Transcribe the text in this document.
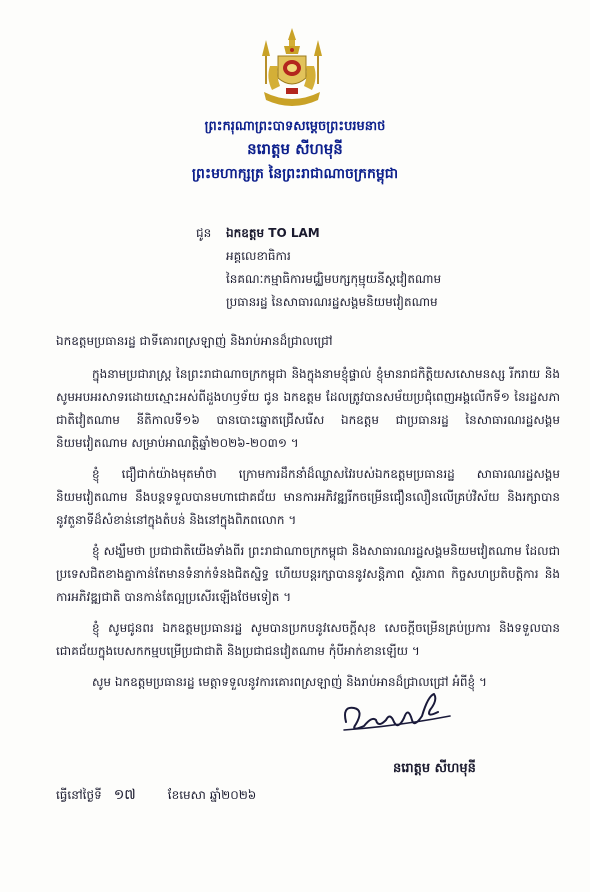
ព្រះករុណាព្រះបាទសម្តេចព្រះបរមនាថ
នរោត្តម សីហមុនី
ព្រះមហាក្សត្រ នៃព្រះរាជាណាចក្រកម្ពុជា
ជូន	ឯកឧត្តម TO LAM
អគ្គលេខាធិការ
នៃគណៈកម្មាធិការមជ្ឈិមបក្សកុម្មុយនីស្តវៀតណាម
ប្រធានរដ្ឋ នៃសាធារណរដ្ឋសង្គមនិយមវៀតណាម

ឯកឧត្តមប្រធានរដ្ឋ ជាទីគោរពស្រឡាញ់ និងរាប់អានដ៏ជ្រាលជ្រៅ

ក្នុងនាមប្រជារាស្ត្រ នៃព្រះរាជាណាចក្រកម្ពុជា និងក្នុងនាមខ្ញុំផ្ទាល់ ខ្ញុំមានរាជកិត្តិយសសោមនស្ស រីករាយ និងសូមអបអរសាទរដោយស្មោះអស់ពីដួងហឫទ័យ ជូន ឯកឧត្តម ដែលត្រូវបានសម័យប្រជុំពេញអង្គលើកទី១ នៃរដ្ឋសភាជាតិវៀតណាម នីតិកាលទី១៦ បានបោះឆ្នោតជ្រើសរើស ឯកឧត្តម ជាប្រធានរដ្ឋ នៃសាធារណរដ្ឋសង្គមនិយមវៀតណាម សម្រាប់អាណត្តិឆ្នាំ២០២៦-២០៣១ ។

ខ្ញុំ ជឿជាក់យ៉ាងមុតមាំថា ក្រោមការដឹកនាំដ៏ឈ្លាសវៃរបស់ឯកឧត្តមប្រធានរដ្ឋ សាធារណរដ្ឋសង្គមនិយមវៀតណាម នឹងបន្តទទួលបានមហាជោគជ័យ មានការអភិវឌ្ឍរីកចម្រើនជឿនលឿនលើគ្រប់វិស័យ និងរក្សាបាននូវតួនាទីដ៏សំខាន់នៅក្នុងតំបន់ និងនៅក្នុងពិភពលោក ។

ខ្ញុំ សង្ឃឹមថា ប្រជាជាតិយើងទាំងពីរ ព្រះរាជាណាចក្រកម្ពុជា និងសាធារណរដ្ឋសង្គមនិយមវៀតណាម ដែលជាប្រទេសជិតខាងគ្នាកាន់តែមានទំនាក់ទំនងជិតស្និទ្ធ ហើយបន្តរក្សាបាននូវសន្តិភាព ស្ថិរភាព កិច្ចសហប្រតិបត្តិការ និងការអភិវឌ្ឍជាតិ បានកាន់តែល្អប្រសើរឡើងថែមទៀត ។

ខ្ញុំ សូមជូនពរ ឯកឧត្តមប្រធានរដ្ឋ សូមបានប្រកបនូវសេចក្តីសុខ សេចក្តីចម្រើនគ្រប់ប្រការ និងទទួលបានជោគជ័យក្នុងបេសកកម្មបម្រើប្រជាជាតិ និងប្រជាជនវៀតណាម កុំបីអាក់ខានឡើយ ។

សូម ឯកឧត្តមប្រធានរដ្ឋ មេត្តាទទួលនូវការគោរពស្រឡាញ់ និងរាប់អានដ៏ជ្រាលជ្រៅ អំពីខ្ញុំ ។

នរោត្តម សីហមុនី
ធ្វើនៅថ្ងៃទី ១៧	ខែមេសា ឆ្នាំ២០២៦
